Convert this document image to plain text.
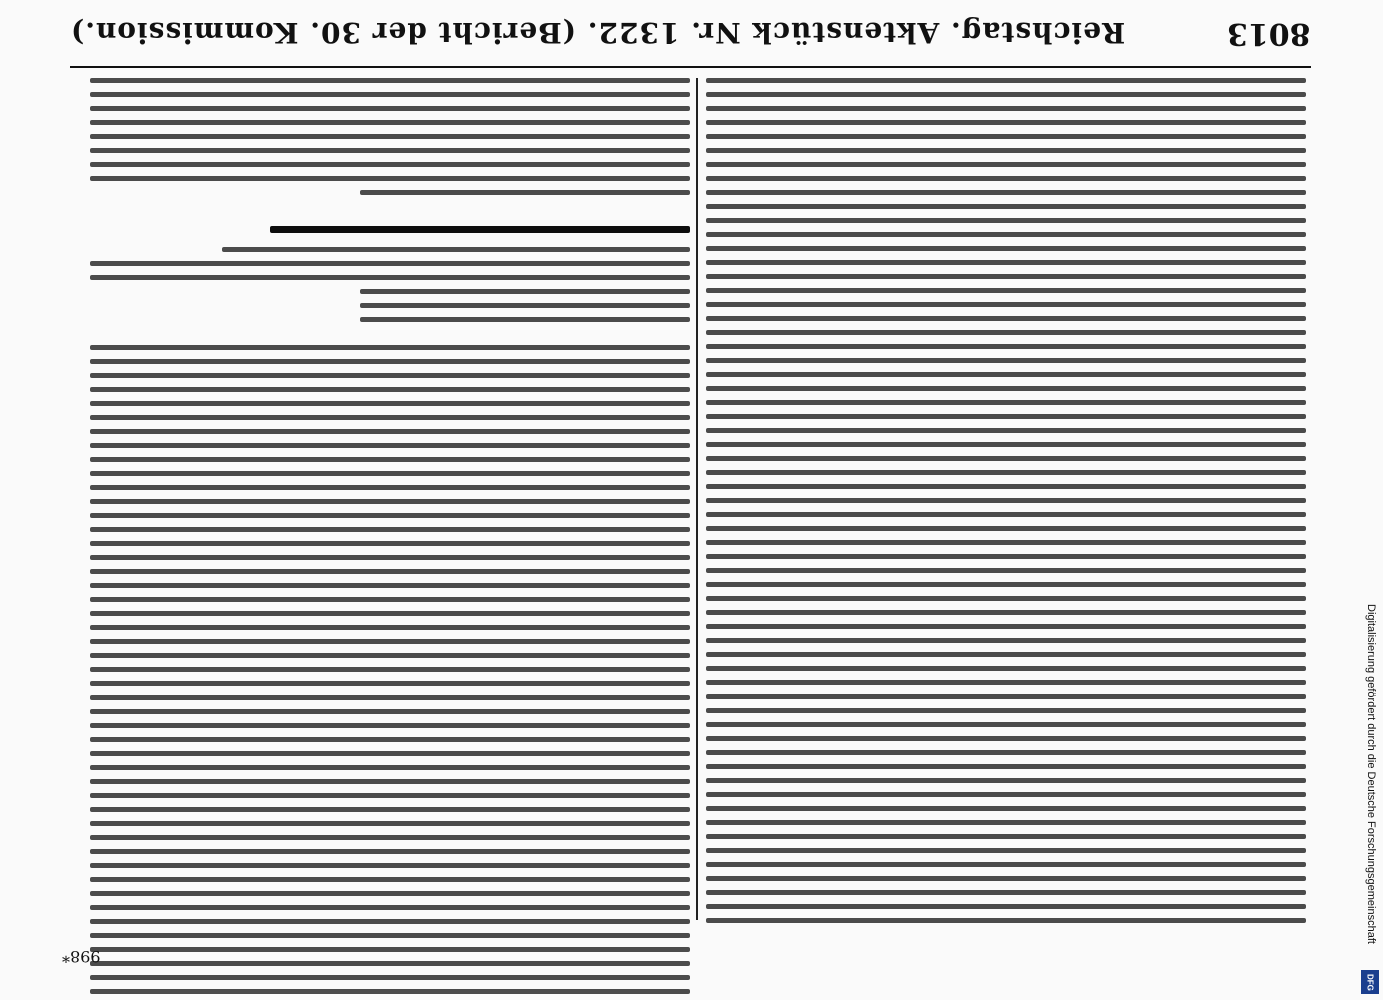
8013
Reichstag. Aktenstück Nr. 1322. (Bericht der 30. Kommission.)
998*
Digitalisierung gefördert durch die Deutsche Forschungsgemeinschaft
DFG
